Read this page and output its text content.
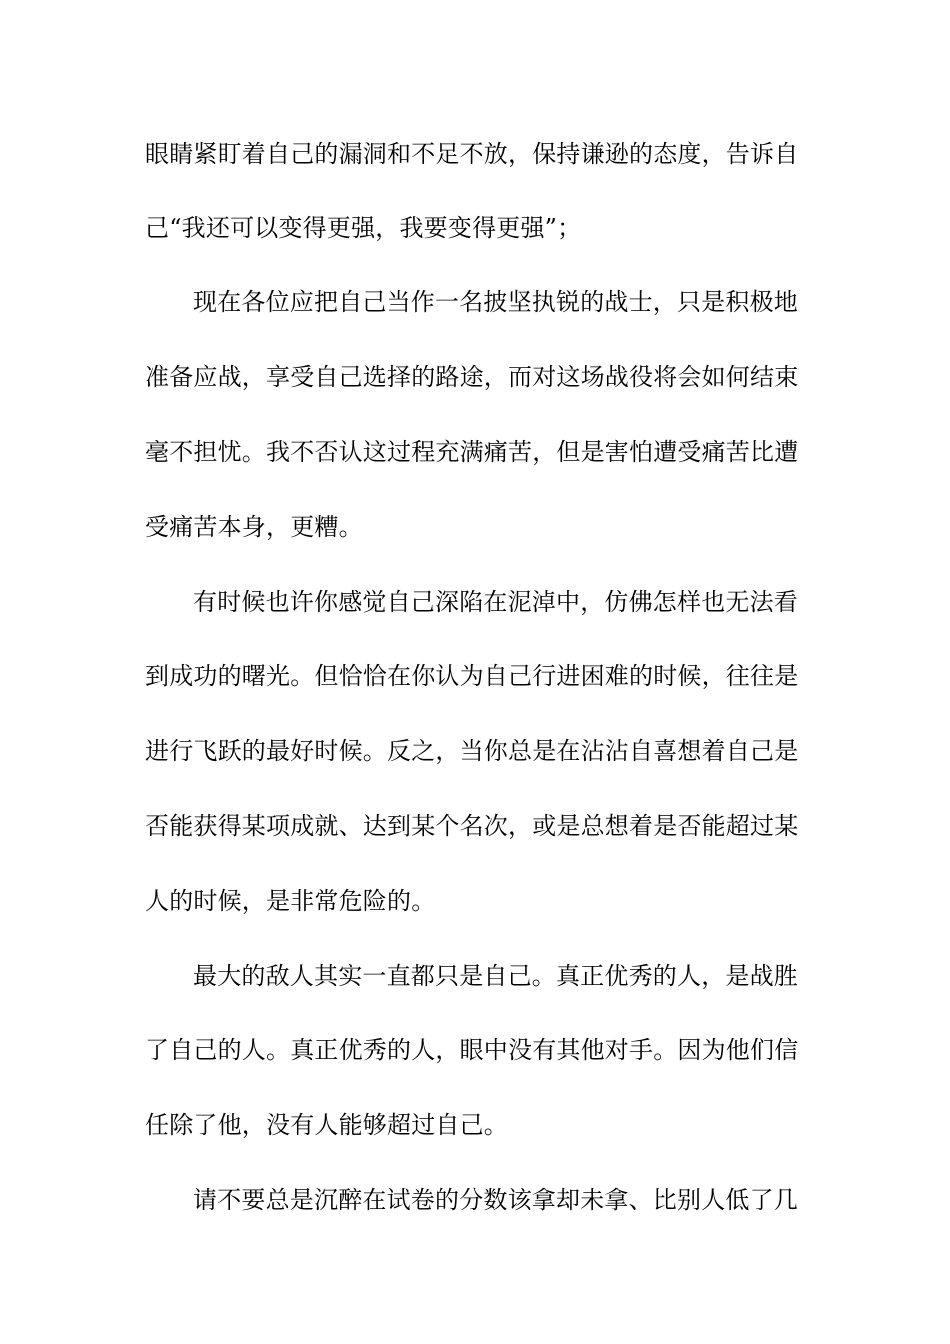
眼睛紧盯着自己的漏洞和不足不放，保持谦逊的态度，告诉自
己“我还可以变得更强，我要变得更强”；
现在各位应把自己当作一名披坚执锐的战士，只是积极地
准备应战，享受自己选择的路途，而对这场战役将会如何结束
毫不担忧。我不否认这过程充满痛苦，但是害怕遭受痛苦比遭
受痛苦本身，更糟。
有时候也许你感觉自己深陷在泥淖中，仿佛怎样也无法看
到成功的曙光。但恰恰在你认为自己行进困难的时候，往往是
进行飞跃的最好时候。反之，当你总是在沾沾自喜想着自己是
否能获得某项成就、达到某个名次，或是总想着是否能超过某
人的时候，是非常危险的。
最大的敌人其实一直都只是自己。真正优秀的人，是战胜
了自己的人。真正优秀的人，眼中没有其他对手。因为他们信
任除了他，没有人能够超过自己。
请不要总是沉醉在试卷的分数该拿却未拿、比别人低了几
